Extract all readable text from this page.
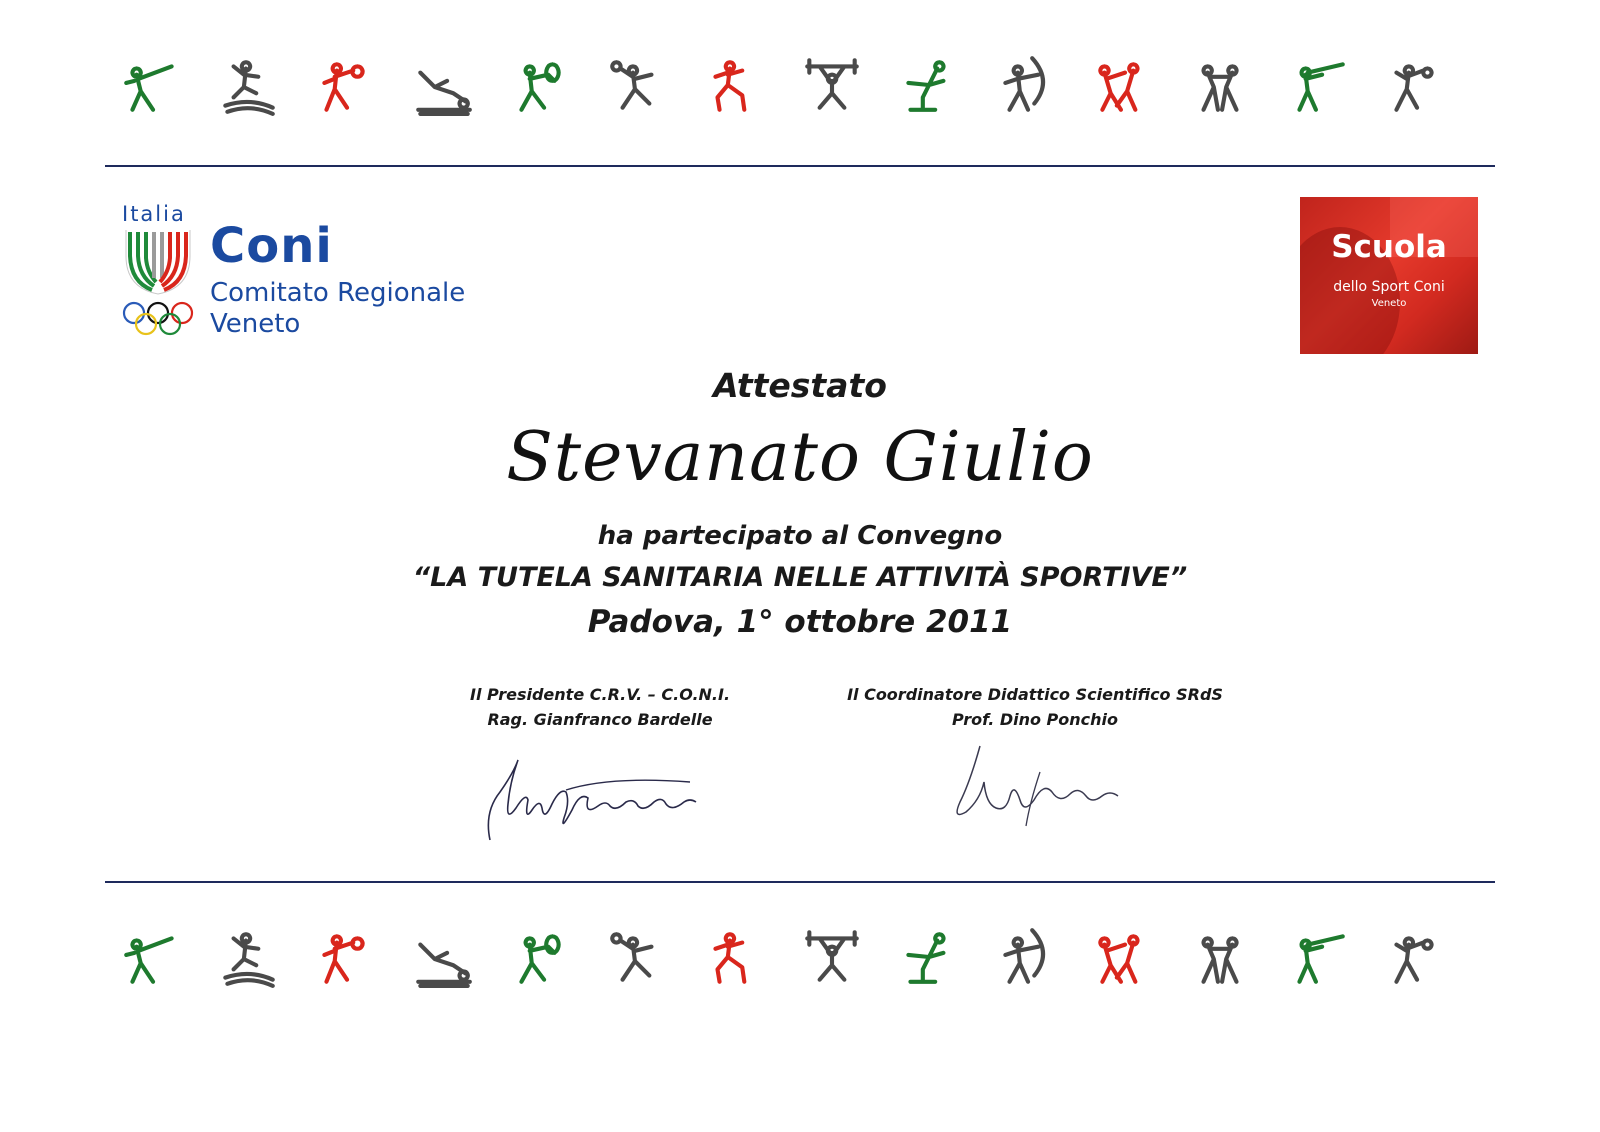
Italia
Coni
Comitato Regionale
Veneto
Scuola
dello Sport Coni
Veneto
Attestato
Stevanato Giulio
ha partecipato al Convegno
“LA TUTELA SANITARIA NELLE ATTIVITÀ SPORTIVE”
Padova, 1° ottobre 2011
Il Presidente C.R.V. – C.O.N.I.
Rag. Gianfranco Bardelle
Il Coordinatore Didattico Scientifico SRdS
Prof. Dino Ponchio
